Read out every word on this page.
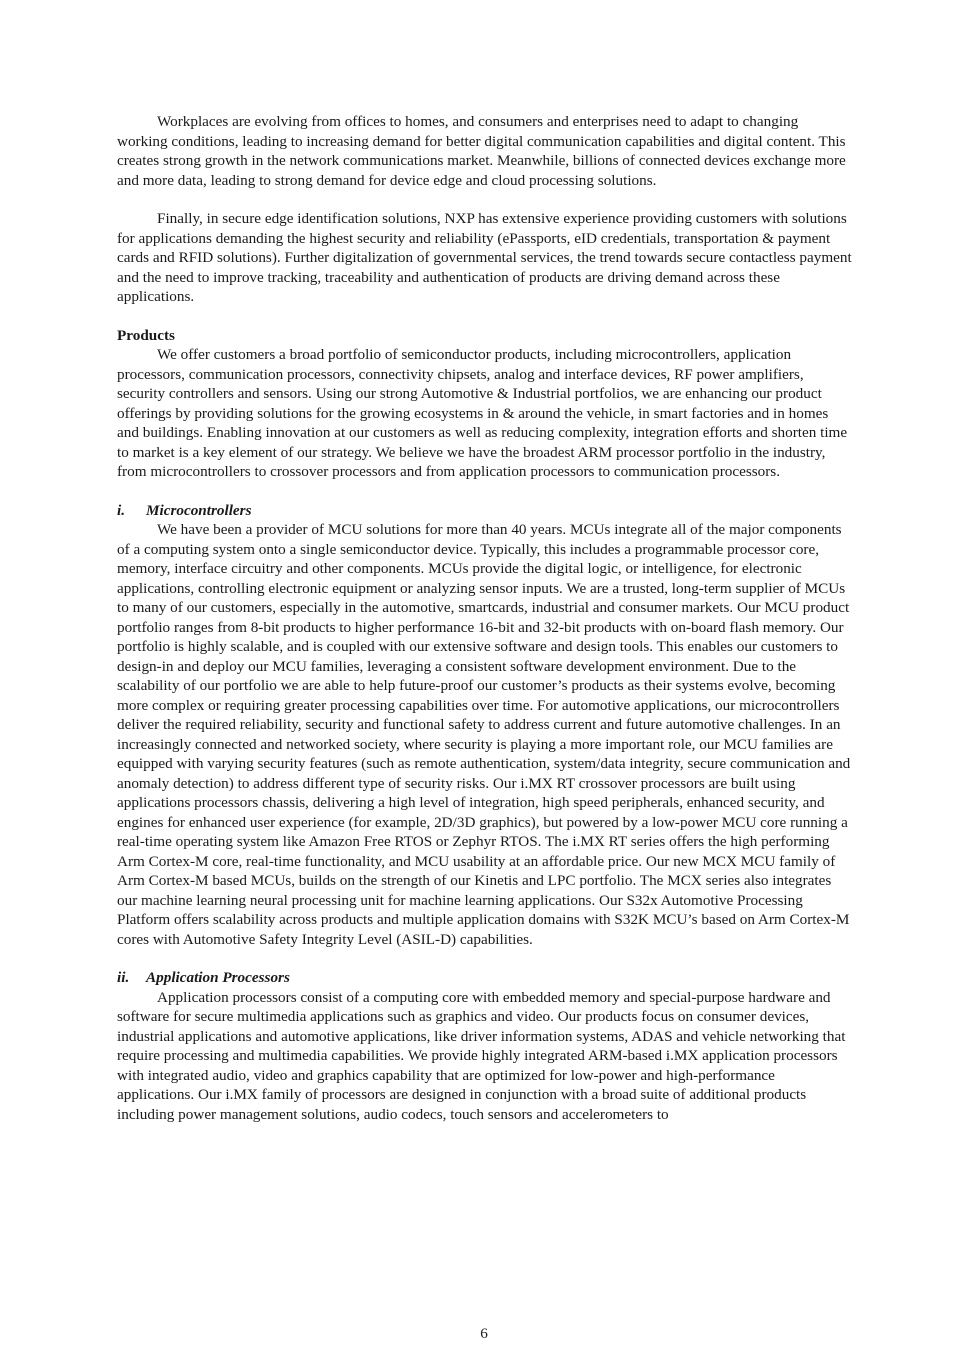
Workplaces are evolving from offices to homes, and consumers and enterprises need to adapt to changing working conditions, leading to increasing demand for better digital communication capabilities and digital content. This creates strong growth in the network communications market. Meanwhile, billions of connected devices exchange more and more data, leading to strong demand for device edge and cloud processing solutions.

Finally, in secure edge identification solutions, NXP has extensive experience providing customers with solutions for applications demanding the highest security and reliability (ePassports, eID credentials, transportation & payment cards and RFID solutions). Further digitalization of governmental services, the trend towards secure contactless payment and the need to improve tracking, traceability and authentication of products are driving demand across these applications.

Products

We offer customers a broad portfolio of semiconductor products, including microcontrollers, application processors, communication processors, connectivity chipsets, analog and interface devices, RF power amplifiers, security controllers and sensors. Using our strong Automotive & Industrial portfolios, we are enhancing our product offerings by providing solutions for the growing ecosystems in & around the vehicle, in smart factories and in homes and buildings. Enabling innovation at our customers as well as reducing complexity, integration efforts and shorten time to market is a key element of our strategy. We believe we have the broadest ARM processor portfolio in the industry, from microcontrollers to crossover processors and from application processors to communication processors.

i. Microcontrollers

We have been a provider of MCU solutions for more than 40 years. MCUs integrate all of the major components of a computing system onto a single semiconductor device. Typically, this includes a programmable processor core, memory, interface circuitry and other components. MCUs provide the digital logic, or intelligence, for electronic applications, controlling electronic equipment or analyzing sensor inputs. We are a trusted, long-term supplier of MCUs to many of our customers, especially in the automotive, smartcards, industrial and consumer markets. Our MCU product portfolio ranges from 8-bit products to higher performance 16-bit and 32-bit products with on-board flash memory. Our portfolio is highly scalable, and is coupled with our extensive software and design tools. This enables our customers to design-in and deploy our MCU families, leveraging a consistent software development environment. Due to the scalability of our portfolio we are able to help future-proof our customer’s products as their systems evolve, becoming more complex or requiring greater processing capabilities over time. For automotive applications, our microcontrollers deliver the required reliability, security and functional safety to address current and future automotive challenges. In an increasingly connected and networked society, where security is playing a more important role, our MCU families are equipped with varying security features (such as remote authentication, system/data integrity, secure communication and anomaly detection) to address different type of security risks. Our i.MX RT crossover processors are built using applications processors chassis, delivering a high level of integration, high speed peripherals, enhanced security, and engines for enhanced user experience (for example, 2D/3D graphics), but powered by a low-power MCU core running a real-time operating system like Amazon Free RTOS or Zephyr RTOS. The i.MX RT series offers the high performing Arm Cortex-M core, real-time functionality, and MCU usability at an affordable price. Our new MCX MCU family of Arm Cortex-M based MCUs, builds on the strength of our Kinetis and LPC portfolio. The MCX series also integrates our machine learning neural processing unit for machine learning applications. Our S32x Automotive Processing Platform offers scalability across products and multiple application domains with S32K MCU’s based on Arm Cortex-M cores with Automotive Safety Integrity Level (ASIL-D) capabilities.

ii. Application Processors

Application processors consist of a computing core with embedded memory and special-purpose hardware and software for secure multimedia applications such as graphics and video. Our products focus on consumer devices, industrial applications and automotive applications, like driver information systems, ADAS and vehicle networking that require processing and multimedia capabilities. We provide highly integrated ARM-based i.MX application processors with integrated audio, video and graphics capability that are optimized for low-power and high-performance applications. Our i.MX family of processors are designed in conjunction with a broad suite of additional products including power management solutions, audio codecs, touch sensors and accelerometers to

6
